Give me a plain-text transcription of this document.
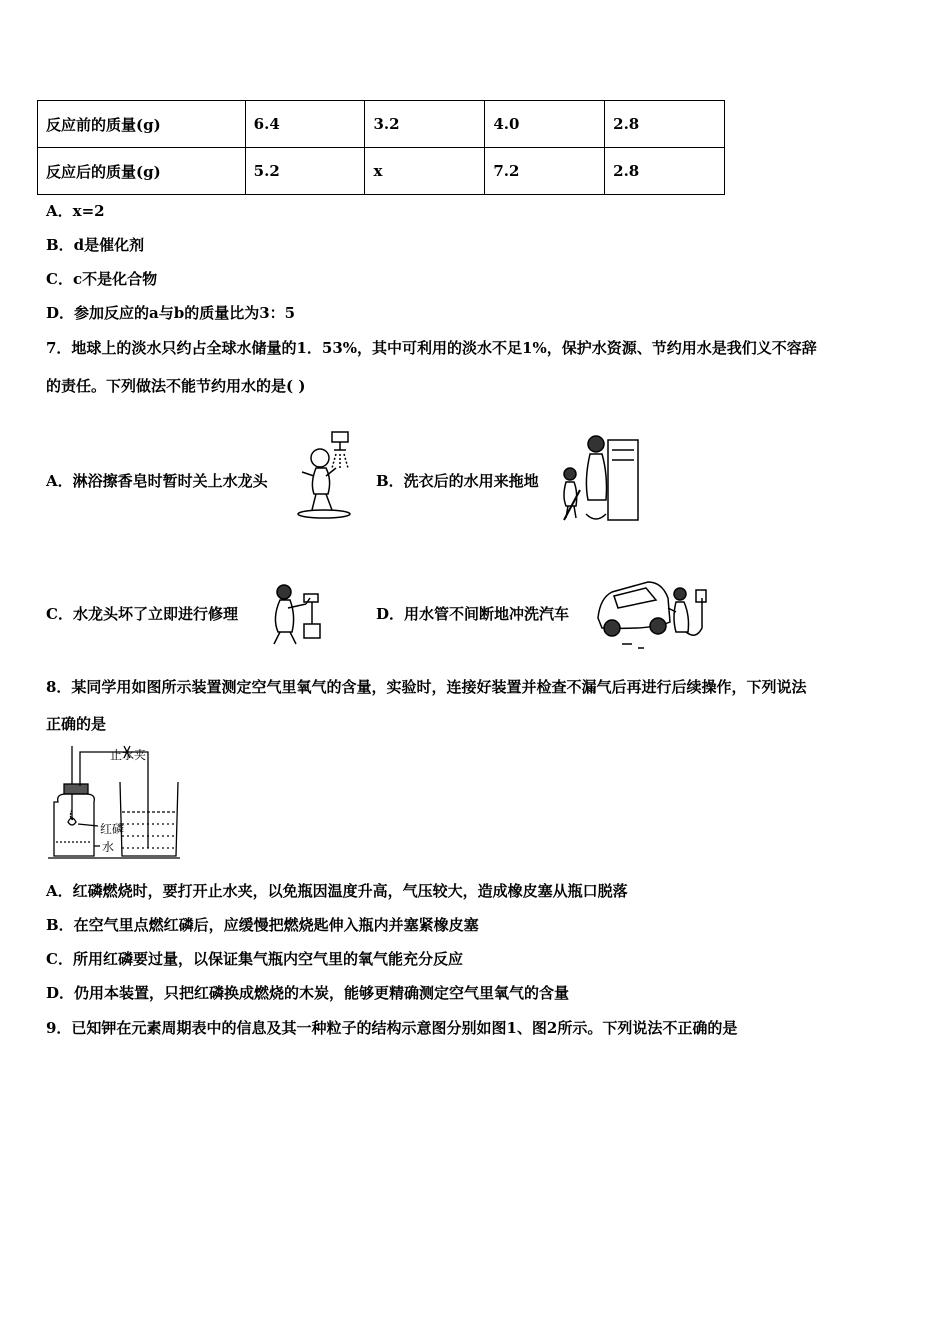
反应前的质量(g)	6.4	3.2	4.0	2.8
反应后的质量(g)	5.2	x	7.2	2.8
A．x=2
B．d是催化剂
C．c不是化合物
D．参加反应的a与b的质量比为3：5
7．地球上的淡水只约占全球水储量的1．53%，其中可利用的淡水不足1%，保护水资源、节约用水是我们义不容辞
的责任。下列做法不能节约用水的是( )
A．淋浴擦香皂时暂时关上水龙头	B．洗衣后的水用来拖地
C．水龙头坏了立即进行修理	D．用水管不间断地冲洗汽车
8．某同学用如图所示装置测定空气里氧气的含量，实验时，连接好装置并检查不漏气后再进行后续操作，下列说法
正确的是
止水夹
红磷
水
A．红磷燃烧时，要打开止水夹，以免瓶因温度升高，气压较大，造成橡皮塞从瓶口脱落
B．在空气里点燃红磷后，应缓慢把燃烧匙伸入瓶内并塞紧橡皮塞
C．所用红磷要过量，以保证集气瓶内空气里的氧气能充分反应
D．仍用本装置，只把红磷换成燃烧的木炭，能够更精确测定空气里氧气的含量
9．已知钾在元素周期表中的信息及其一种粒子的结构示意图分别如图1、图2所示。下列说法不正确的是
